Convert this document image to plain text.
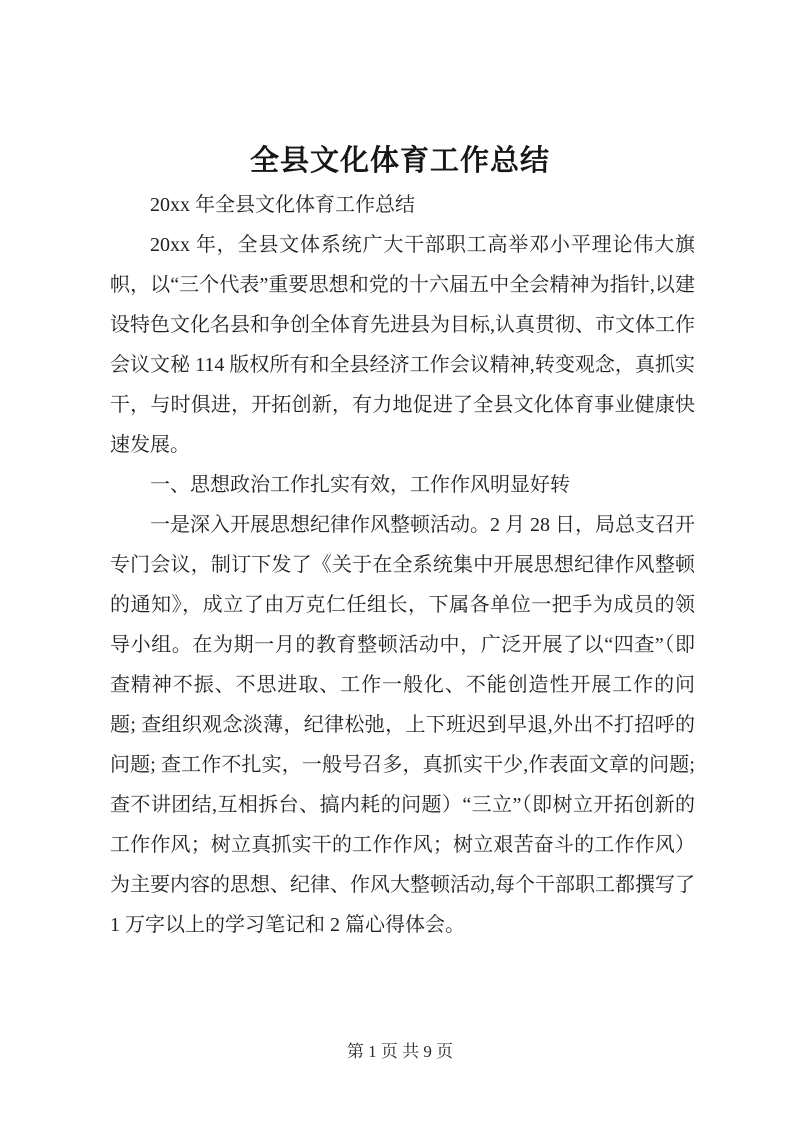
全县文化体育工作总结

20xx 年全县文化体育工作总结

20xx 年，全县文体系统广大干部职工高举邓小平理论伟大旗帜，以“三个代表”重要思想和党的十六届五中全会精神为指针,以建设特色文化名县和争创全体育先进县为目标,认真贯彻、市文体工作会议文秘 114 版权所有和全县经济工作会议精神,转变观念，真抓实干，与时俱进，开拓创新，有力地促进了全县文化体育事业健康快速发展。

一、思想政治工作扎实有效，工作作风明显好转

一是深入开展思想纪律作风整顿活动。2 月 28 日，局总支召开专门会议，制订下发了《关于在全系统集中开展思想纪律作风整顿的通知》，成立了由万克仁任组长，下属各单位一把手为成员的领导小组。在为期一月的教育整顿活动中，广泛开展了以“四查”（即查精神不振、不思进取、工作一般化、不能创造性开展工作的问题; 查组织观念淡薄，纪律松弛，上下班迟到早退,外出不打招呼的问题; 查工作不扎实，一般号召多，真抓实干少,作表面文章的问题; 查不讲团结,互相拆台、搞内耗的问题）“三立”（即树立开拓创新的工作作风；树立真抓实干的工作作风；树立艰苦奋斗的工作作风）为主要内容的思想、纪律、作风大整顿活动,每个干部职工都撰写了 1 万字以上的学习笔记和 2 篇心得体会。

第 1 页 共 9 页
